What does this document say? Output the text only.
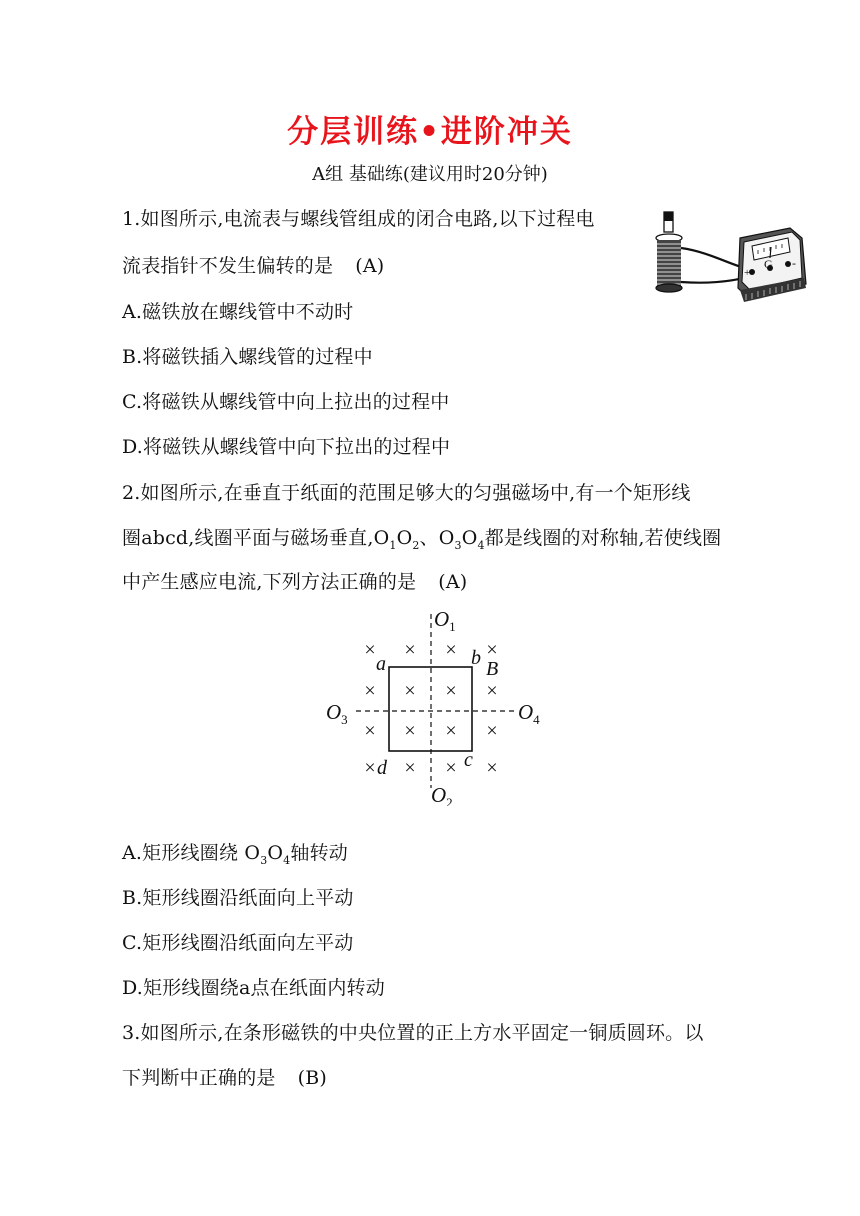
分层训练•进阶冲关
A组 基础练(建议用时20分钟)
1.如图所示,电流表与螺线管组成的闭合电路,以下过程电
流表指针不发生偏转的是 (A)	+
G -
A.磁铁放在螺线管中不动时
B.将磁铁插入螺线管的过程中
C.将磁铁从螺线管中向上拉出的过程中
D.将磁铁从螺线管中向下拉出的过程中
2.如图所示,在垂直于纸面的范围足够大的匀强磁场中,有一个矩形线
圈abcd,线圈平面与磁场垂直$,O_1O_2$、$O_3O_4$都是线圈的对称轴,若使线圈
中产生感应电流,下列方法正确的是 (A)
× × × ×
× × × ×
× × × ×
× × × ×
a	b B
c
d
$O_1$
$O_2$
$O_3$	$O_4$
A.矩形线圈绕 $O_3O_4$轴转动
B.矩形线圈沿纸面向上平动
C.矩形线圈沿纸面向左平动
D.矩形线圈绕a点在纸面内转动
3.如图所示,在条形磁铁的中央位置的正上方水平固定一铜质圆环。以
下判断中正确的是 (B)
